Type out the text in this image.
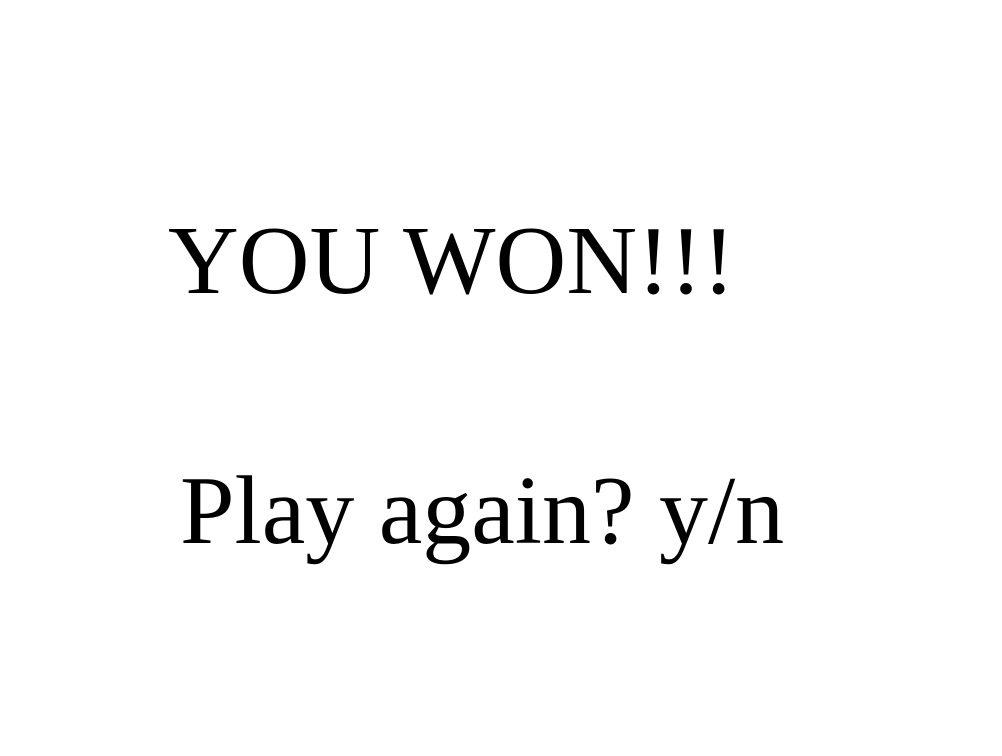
YOU WON!!!
Play again? y/n
